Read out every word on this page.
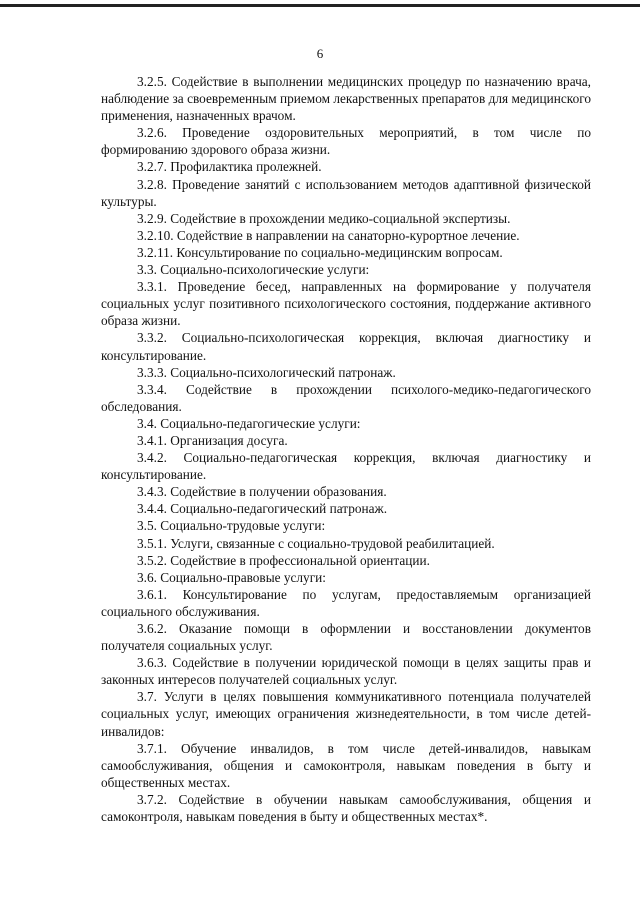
6

3.2.5. Содействие в выполнении медицинских процедур по назначению врача, наблюдение за своевременным приемом лекарственных препаратов для медицинского применения, назначенных врачом.

3.2.6. Проведение оздоровительных мероприятий, в том числе по формированию здорового образа жизни.

3.2.7. Профилактика пролежней.

3.2.8. Проведение занятий с использованием методов адаптивной физической культуры.

3.2.9. Содействие в прохождении медико-социальной экспертизы.

3.2.10. Содействие в направлении на санаторно-курортное лечение.

3.2.11. Консультирование по социально-медицинским вопросам.

3.3. Социально-психологические услуги:

3.3.1. Проведение бесед, направленных на формирование у получателя социальных услуг позитивного психологического состояния, поддержание активного образа жизни.

3.3.2. Социально-психологическая коррекция, включая диагностику и консультирование.

3.3.3. Социально-психологический патронаж.

3.3.4. Содействие в прохождении психолого-медико-педагогического обследования.

3.4. Социально-педагогические услуги:

3.4.1. Организация досуга.

3.4.2. Социально-педагогическая коррекция, включая диагностику и консультирование.

3.4.3. Содействие в получении образования.

3.4.4. Социально-педагогический патронаж.

3.5. Социально-трудовые услуги:

3.5.1. Услуги, связанные с социально-трудовой реабилитацией.

3.5.2. Содействие в профессиональной ориентации.

3.6. Социально-правовые услуги:

3.6.1. Консультирование по услугам, предоставляемым организацией социального обслуживания.

3.6.2. Оказание помощи в оформлении и восстановлении документов получателя социальных услуг.

3.6.3. Содействие в получении юридической помощи в целях защиты прав и законных интересов получателей социальных услуг.

3.7. Услуги в целях повышения коммуникативного потенциала получателей социальных услуг, имеющих ограничения жизнедеятельности, в том числе детей-инвалидов:

3.7.1. Обучение инвалидов, в том числе детей-инвалидов, навыкам самообслуживания, общения и самоконтроля, навыкам поведения в быту и общественных местах.

3.7.2. Содействие в обучении навыкам самообслуживания, общения и самоконтроля, навыкам поведения в быту и общественных местах*.
